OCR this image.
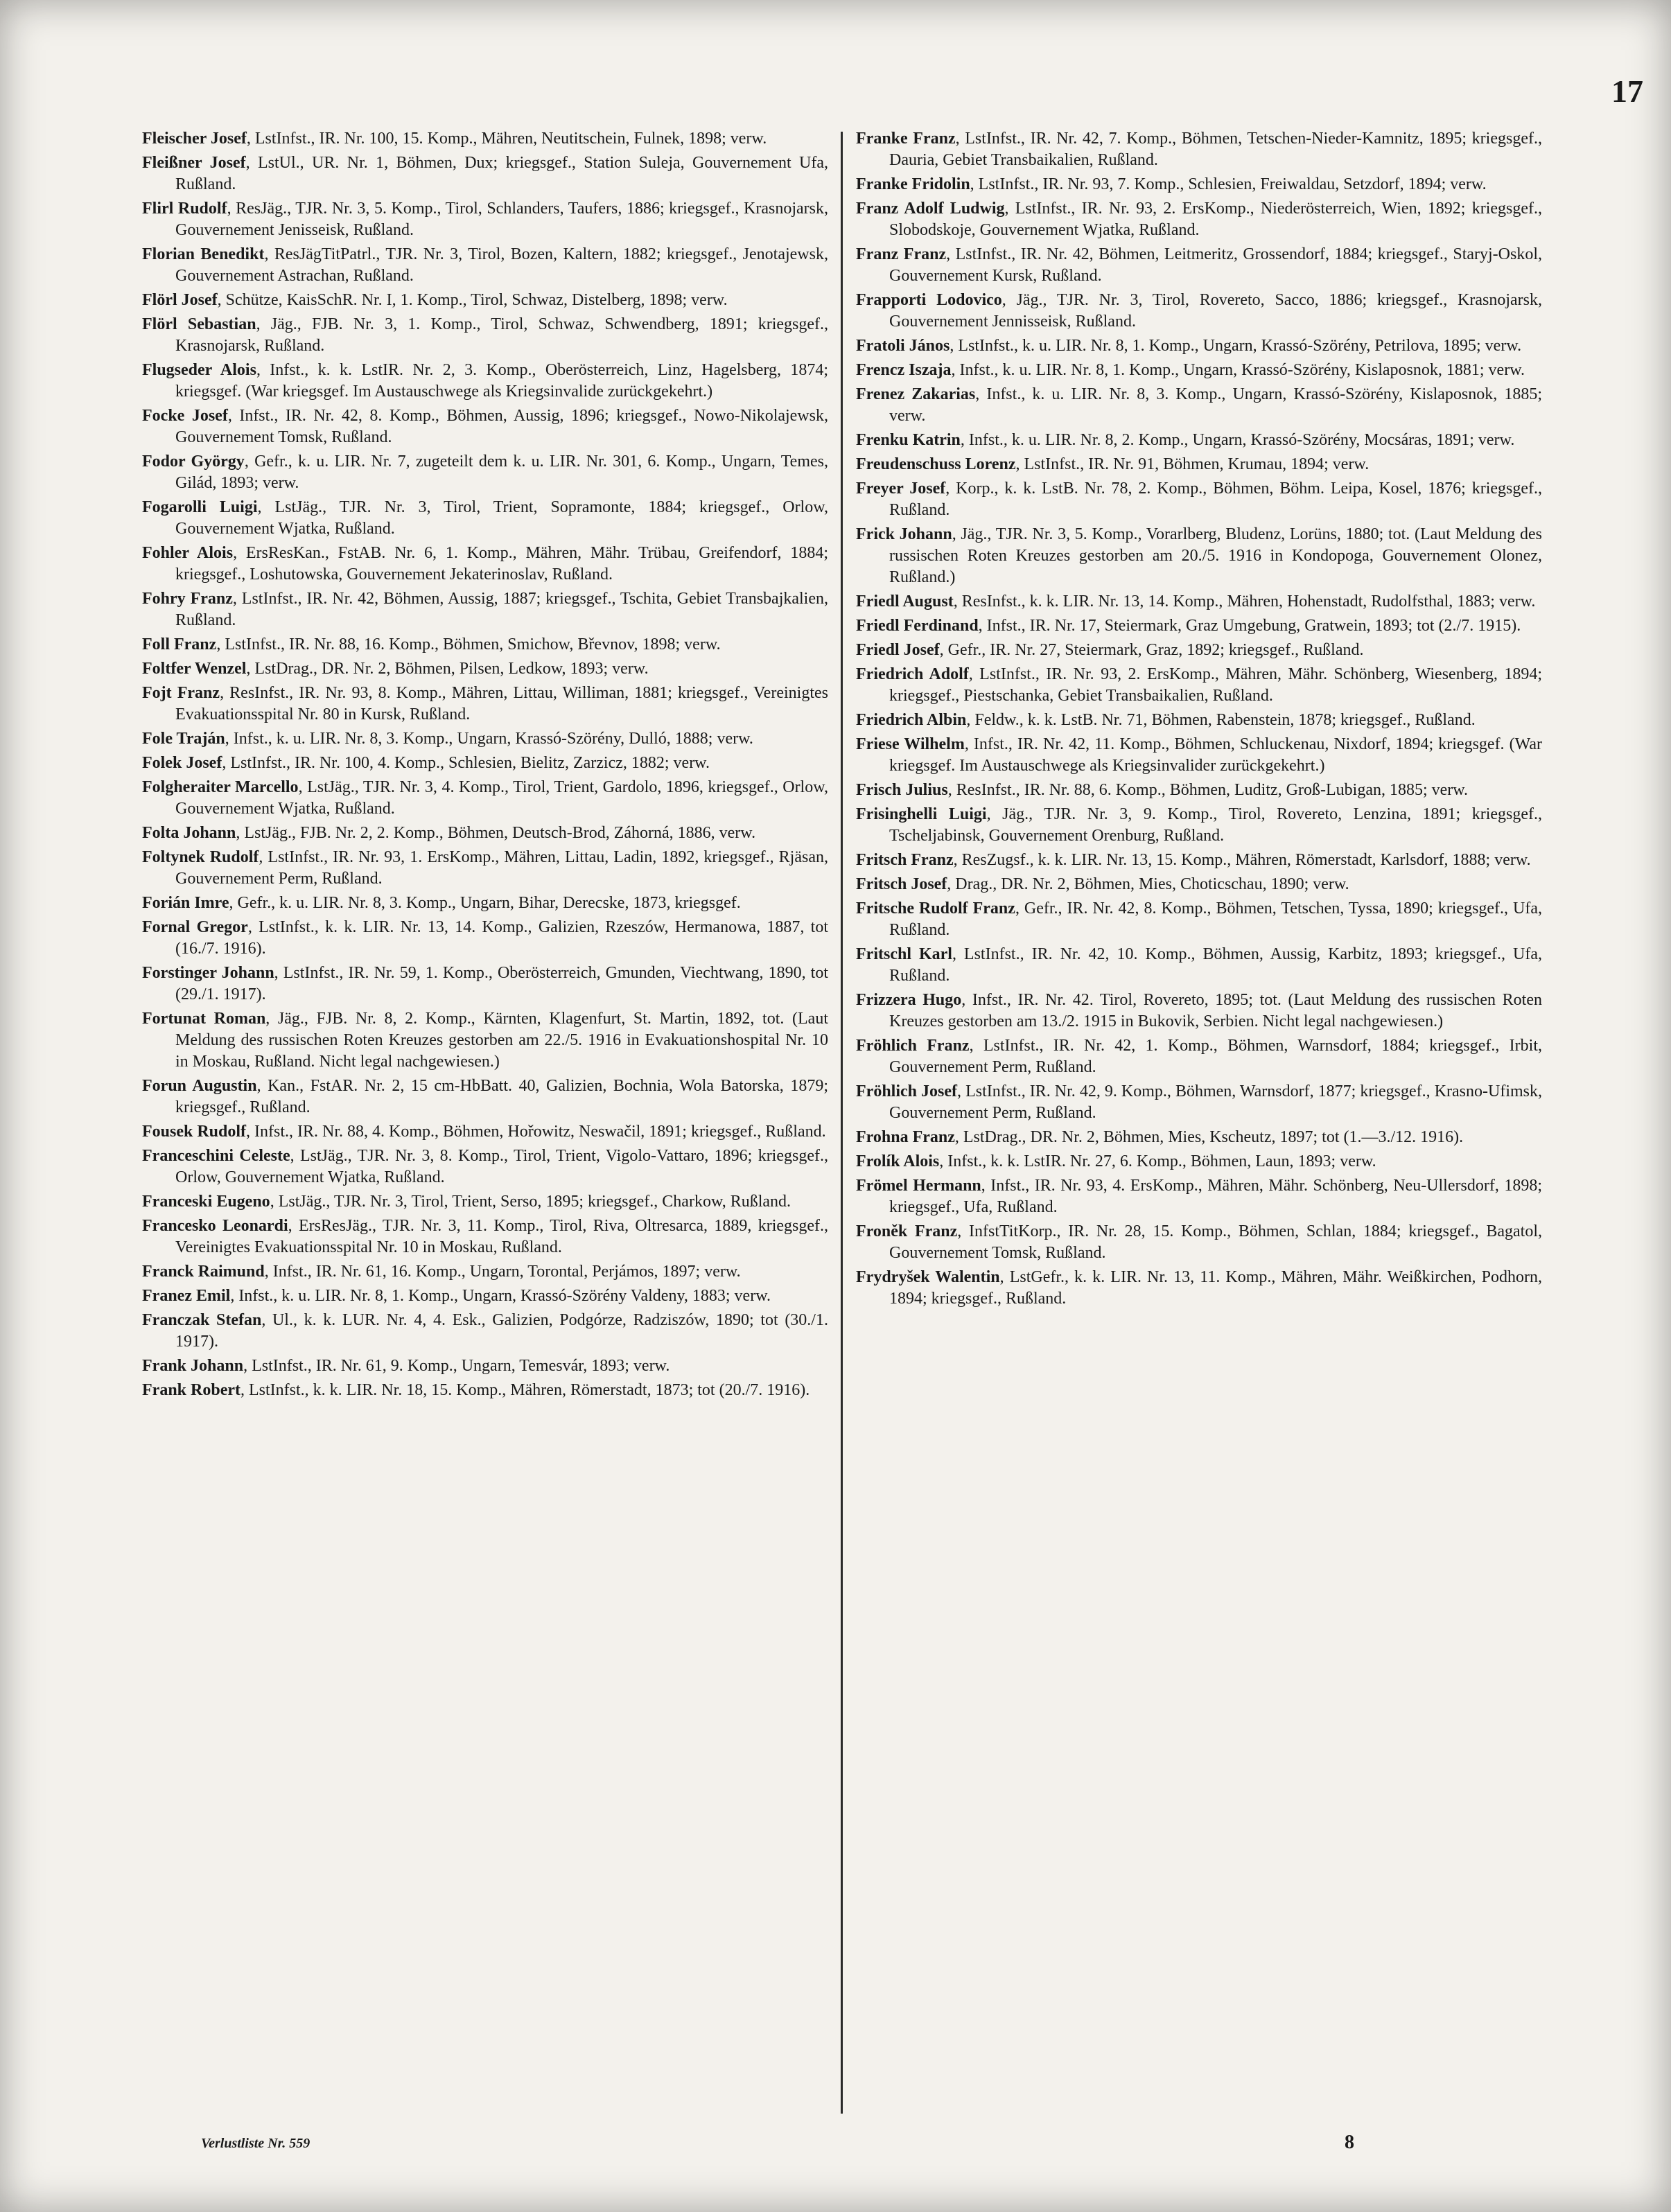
17

Fleischer Josef, LstInfst., IR. Nr. 100, 15. Komp., Mähren, Neutitschein, Fulnek, 1898; verw.

Fleißner Josef, LstUl., UR. Nr. 1, Böhmen, Dux; kriegsgef., Station Suleja, Gouvernement Ufa, Rußland.

Flirl Rudolf, ResJäg., TJR. Nr. 3, 5. Komp., Tirol, Schlanders, Taufers, 1886; kriegsgef., Krasnojarsk, Gouvernement Jenisseisk, Rußland.

Florian Benedikt, ResJägTitPatrl., TJR. Nr. 3, Tirol, Bozen, Kaltern, 1882; kriegsgef., Jenotajewsk, Gouvernement Astrachan, Rußland.

Flörl Josef, Schütze, KaisSchR. Nr. I, 1. Komp., Tirol, Schwaz, Distelberg, 1898; verw.

Flörl Sebastian, Jäg., FJB. Nr. 3, 1. Komp., Tirol, Schwaz, Schwendberg, 1891; kriegsgef., Krasnojarsk, Rußland.

Flugseder Alois, Infst., k. k. LstIR. Nr. 2, 3. Komp., Oberösterreich, Linz, Hagelsberg, 1874; kriegsgef. (War kriegsgef. Im Austauschwege als Kriegsinvalide zurückgekehrt.)

Focke Josef, Infst., IR. Nr. 42, 8. Komp., Böhmen, Aussig, 1896; kriegsgef., Nowo-Nikolajewsk, Gouvernement Tomsk, Rußland.

Fodor György, Gefr., k. u. LIR. Nr. 7, zugeteilt dem k. u. LIR. Nr. 301, 6. Komp., Ungarn, Temes, Gilád, 1893; verw.

Fogarolli Luigi, LstJäg., TJR. Nr. 3, Tirol, Trient, Sopramonte, 1884; kriegsgef., Orlow, Gouvernement Wjatka, Rußland.

Fohler Alois, ErsResKan., FstAB. Nr. 6, 1. Komp., Mähren, Mähr. Trübau, Greifendorf, 1884; kriegsgef., Loshutowska, Gouvernement Jekaterinoslav, Rußland.

Fohry Franz, LstInfst., IR. Nr. 42, Böhmen, Aussig, 1887; kriegsgef., Tschita, Gebiet Transbajkalien, Rußland.

Foll Franz, LstInfst., IR. Nr. 88, 16. Komp., Böhmen, Smichow, Břevnov, 1898; verw.

Foltfer Wenzel, LstDrag., DR. Nr. 2, Böhmen, Pilsen, Ledkow, 1893; verw.

Fojt Franz, ResInfst., IR. Nr. 93, 8. Komp., Mähren, Littau, Williman, 1881; kriegsgef., Vereinigtes Evakuationsspital Nr. 80 in Kursk, Rußland.

Fole Traján, Infst., k. u. LIR. Nr. 8, 3. Komp., Ungarn, Krassó-Szörény, Dulló, 1888; verw.

Folek Josef, LstInfst., IR. Nr. 100, 4. Komp., Schlesien, Bielitz, Zarzicz, 1882; verw.

Folgheraiter Marcello, LstJäg., TJR. Nr. 3, 4. Komp., Tirol, Trient, Gardolo, 1896, kriegsgef., Orlow, Gouvernement Wjatka, Rußland.

Folta Johann, LstJäg., FJB. Nr. 2, 2. Komp., Böhmen, Deutsch-Brod, Záhorná, 1886, verw.

Foltynek Rudolf, LstInfst., IR. Nr. 93, 1. ErsKomp., Mähren, Littau, Ladin, 1892, kriegsgef., Rjäsan, Gouvernement Perm, Rußland.

Forián Imre, Gefr., k. u. LIR. Nr. 8, 3. Komp., Ungarn, Bihar, Derecske, 1873, kriegsgef.

Fornal Gregor, LstInfst., k. k. LIR. Nr. 13, 14. Komp., Galizien, Rzeszów, Hermanowa, 1887, tot (16./7. 1916).

Forstinger Johann, LstInfst., IR. Nr. 59, 1. Komp., Oberösterreich, Gmunden, Viechtwang, 1890, tot (29./1. 1917).

Fortunat Roman, Jäg., FJB. Nr. 8, 2. Komp., Kärnten, Klagenfurt, St. Martin, 1892, tot. (Laut Meldung des russischen Roten Kreuzes gestorben am 22./5. 1916 in Evakuationshospital Nr. 10 in Moskau, Rußland. Nicht legal nachgewiesen.)

Forun Augustin, Kan., FstAR. Nr. 2, 15 cm-HbBatt. 40, Galizien, Bochnia, Wola Batorska, 1879; kriegsgef., Rußland.

Fousek Rudolf, Infst., IR. Nr. 88, 4. Komp., Böhmen, Hořowitz, Neswačil, 1891; kriegsgef., Rußland.

Franceschini Celeste, LstJäg., TJR. Nr. 3, 8. Komp., Tirol, Trient, Vigolo-Vattaro, 1896; kriegsgef., Orlow, Gouvernement Wjatka, Rußland.

Franceski Eugeno, LstJäg., TJR. Nr. 3, Tirol, Trient, Serso, 1895; kriegsgef., Charkow, Rußland.

Francesko Leonardi, ErsResJäg., TJR. Nr. 3, 11. Komp., Tirol, Riva, Oltresarca, 1889, kriegsgef., Vereinigtes Evakuationsspital Nr. 10 in Moskau, Rußland.

Franck Raimund, Infst., IR. Nr. 61, 16. Komp., Ungarn, Torontal, Perjámos, 1897; verw.

Franez Emil, Infst., k. u. LIR. Nr. 8, 1. Komp., Ungarn, Krassó-Szörény Valdeny, 1883; verw.

Franczak Stefan, Ul., k. k. LUR. Nr. 4, 4. Esk., Galizien, Podgórze, Radziszów, 1890; tot (30./1. 1917).

Frank Johann, LstInfst., IR. Nr. 61, 9. Komp., Ungarn, Temesvár, 1893; verw.

Frank Robert, LstInfst., k. k. LIR. Nr. 18, 15. Komp., Mähren, Römerstadt, 1873; tot (20./7. 1916).

Franke Franz, LstInfst., IR. Nr. 42, 7. Komp., Böhmen, Tetschen-Nieder-Kamnitz, 1895; kriegsgef., Dauria, Gebiet Transbaikalien, Rußland.

Franke Fridolin, LstInfst., IR. Nr. 93, 7. Komp., Schlesien, Freiwaldau, Setzdorf, 1894; verw.

Franz Adolf Ludwig, LstInfst., IR. Nr. 93, 2. ErsKomp., Niederösterreich, Wien, 1892; kriegsgef., Slobodskoje, Gouvernement Wjatka, Rußland.

Franz Franz, LstInfst., IR. Nr. 42, Böhmen, Leitmeritz, Grossendorf, 1884; kriegsgef., Staryj-Oskol, Gouvernement Kursk, Rußland.

Frapporti Lodovico, Jäg., TJR. Nr. 3, Tirol, Rovereto, Sacco, 1886; kriegsgef., Krasnojarsk, Gouvernement Jennisseisk, Rußland.

Fratoli János, LstInfst., k. u. LIR. Nr. 8, 1. Komp., Ungarn, Krassó-Szörény, Petrilova, 1895; verw.

Frencz Iszaja, Infst., k. u. LIR. Nr. 8, 1. Komp., Ungarn, Krassó-Szörény, Kislaposnok, 1881; verw.

Frenez Zakarias, Infst., k. u. LIR. Nr. 8, 3. Komp., Ungarn, Krassó-Szörény, Kislaposnok, 1885; verw.

Frenku Katrin, Infst., k. u. LIR. Nr. 8, 2. Komp., Ungarn, Krassó-Szörény, Mocsáras, 1891; verw.

Freudenschuss Lorenz, LstInfst., IR. Nr. 91, Böhmen, Krumau, 1894; verw.

Freyer Josef, Korp., k. k. LstB. Nr. 78, 2. Komp., Böhmen, Böhm. Leipa, Kosel, 1876; kriegsgef., Rußland.

Frick Johann, Jäg., TJR. Nr. 3, 5. Komp., Vorarlberg, Bludenz, Lorüns, 1880; tot. (Laut Meldung des russischen Roten Kreuzes gestorben am 20./5. 1916 in Kondopoga, Gouvernement Olonez, Rußland.)

Friedl August, ResInfst., k. k. LIR. Nr. 13, 14. Komp., Mähren, Hohenstadt, Rudolfsthal, 1883; verw.

Friedl Ferdinand, Infst., IR. Nr. 17, Steiermark, Graz Umgebung, Gratwein, 1893; tot (2./7. 1915).

Friedl Josef, Gefr., IR. Nr. 27, Steiermark, Graz, 1892; kriegsgef., Rußland.

Friedrich Adolf, LstInfst., IR. Nr. 93, 2. ErsKomp., Mähren, Mähr. Schönberg, Wiesenberg, 1894; kriegsgef., Piestschanka, Gebiet Transbaikalien, Rußland.

Friedrich Albin, Feldw., k. k. LstB. Nr. 71, Böhmen, Rabenstein, 1878; kriegsgef., Rußland.

Friese Wilhelm, Infst., IR. Nr. 42, 11. Komp., Böhmen, Schluckenau, Nixdorf, 1894; kriegsgef. (War kriegsgef. Im Austauschwege als Kriegsinvalider zurückgekehrt.)

Frisch Julius, ResInfst., IR. Nr. 88, 6. Komp., Böhmen, Luditz, Groß-Lubigan, 1885; verw.

Frisinghelli Luigi, Jäg., TJR. Nr. 3, 9. Komp., Tirol, Rovereto, Lenzina, 1891; kriegsgef., Tscheljabinsk, Gouvernement Orenburg, Rußland.

Fritsch Franz, ResZugsf., k. k. LIR. Nr. 13, 15. Komp., Mähren, Römerstadt, Karlsdorf, 1888; verw.

Fritsch Josef, Drag., DR. Nr. 2, Böhmen, Mies, Choticschau, 1890; verw.

Fritsche Rudolf Franz, Gefr., IR. Nr. 42, 8. Komp., Böhmen, Tetschen, Tyssa, 1890; kriegsgef., Ufa, Rußland.

Fritschl Karl, LstInfst., IR. Nr. 42, 10. Komp., Böhmen, Aussig, Karbitz, 1893; kriegsgef., Ufa, Rußland.

Frizzera Hugo, Infst., IR. Nr. 42. Tirol, Rovereto, 1895; tot. (Laut Meldung des russischen Roten Kreuzes gestorben am 13./2. 1915 in Bukovik, Serbien. Nicht legal nachgewiesen.)

Fröhlich Franz, LstInfst., IR. Nr. 42, 1. Komp., Böhmen, Warnsdorf, 1884; kriegsgef., Irbit, Gouvernement Perm, Rußland.

Fröhlich Josef, LstInfst., IR. Nr. 42, 9. Komp., Böhmen, Warnsdorf, 1877; kriegsgef., Krasno-Ufimsk, Gouvernement Perm, Rußland.

Frohna Franz, LstDrag., DR. Nr. 2, Böhmen, Mies, Kscheutz, 1897; tot (1.—3./12. 1916).

Frolík Alois, Infst., k. k. LstIR. Nr. 27, 6. Komp., Böhmen, Laun, 1893; verw.

Frömel Hermann, Infst., IR. Nr. 93, 4. ErsKomp., Mähren, Mähr. Schönberg, Neu-Ullersdorf, 1898; kriegsgef., Ufa, Rußland.

Froněk Franz, InfstTitKorp., IR. Nr. 28, 15. Komp., Böhmen, Schlan, 1884; kriegsgef., Bagatol, Gouvernement Tomsk, Rußland.

Frydryšek Walentin, LstGefr., k. k. LIR. Nr. 13, 11. Komp., Mähren, Mähr. Weißkirchen, Podhorn, 1894; kriegsgef., Rußland.

Verlustliste Nr. 559	8
